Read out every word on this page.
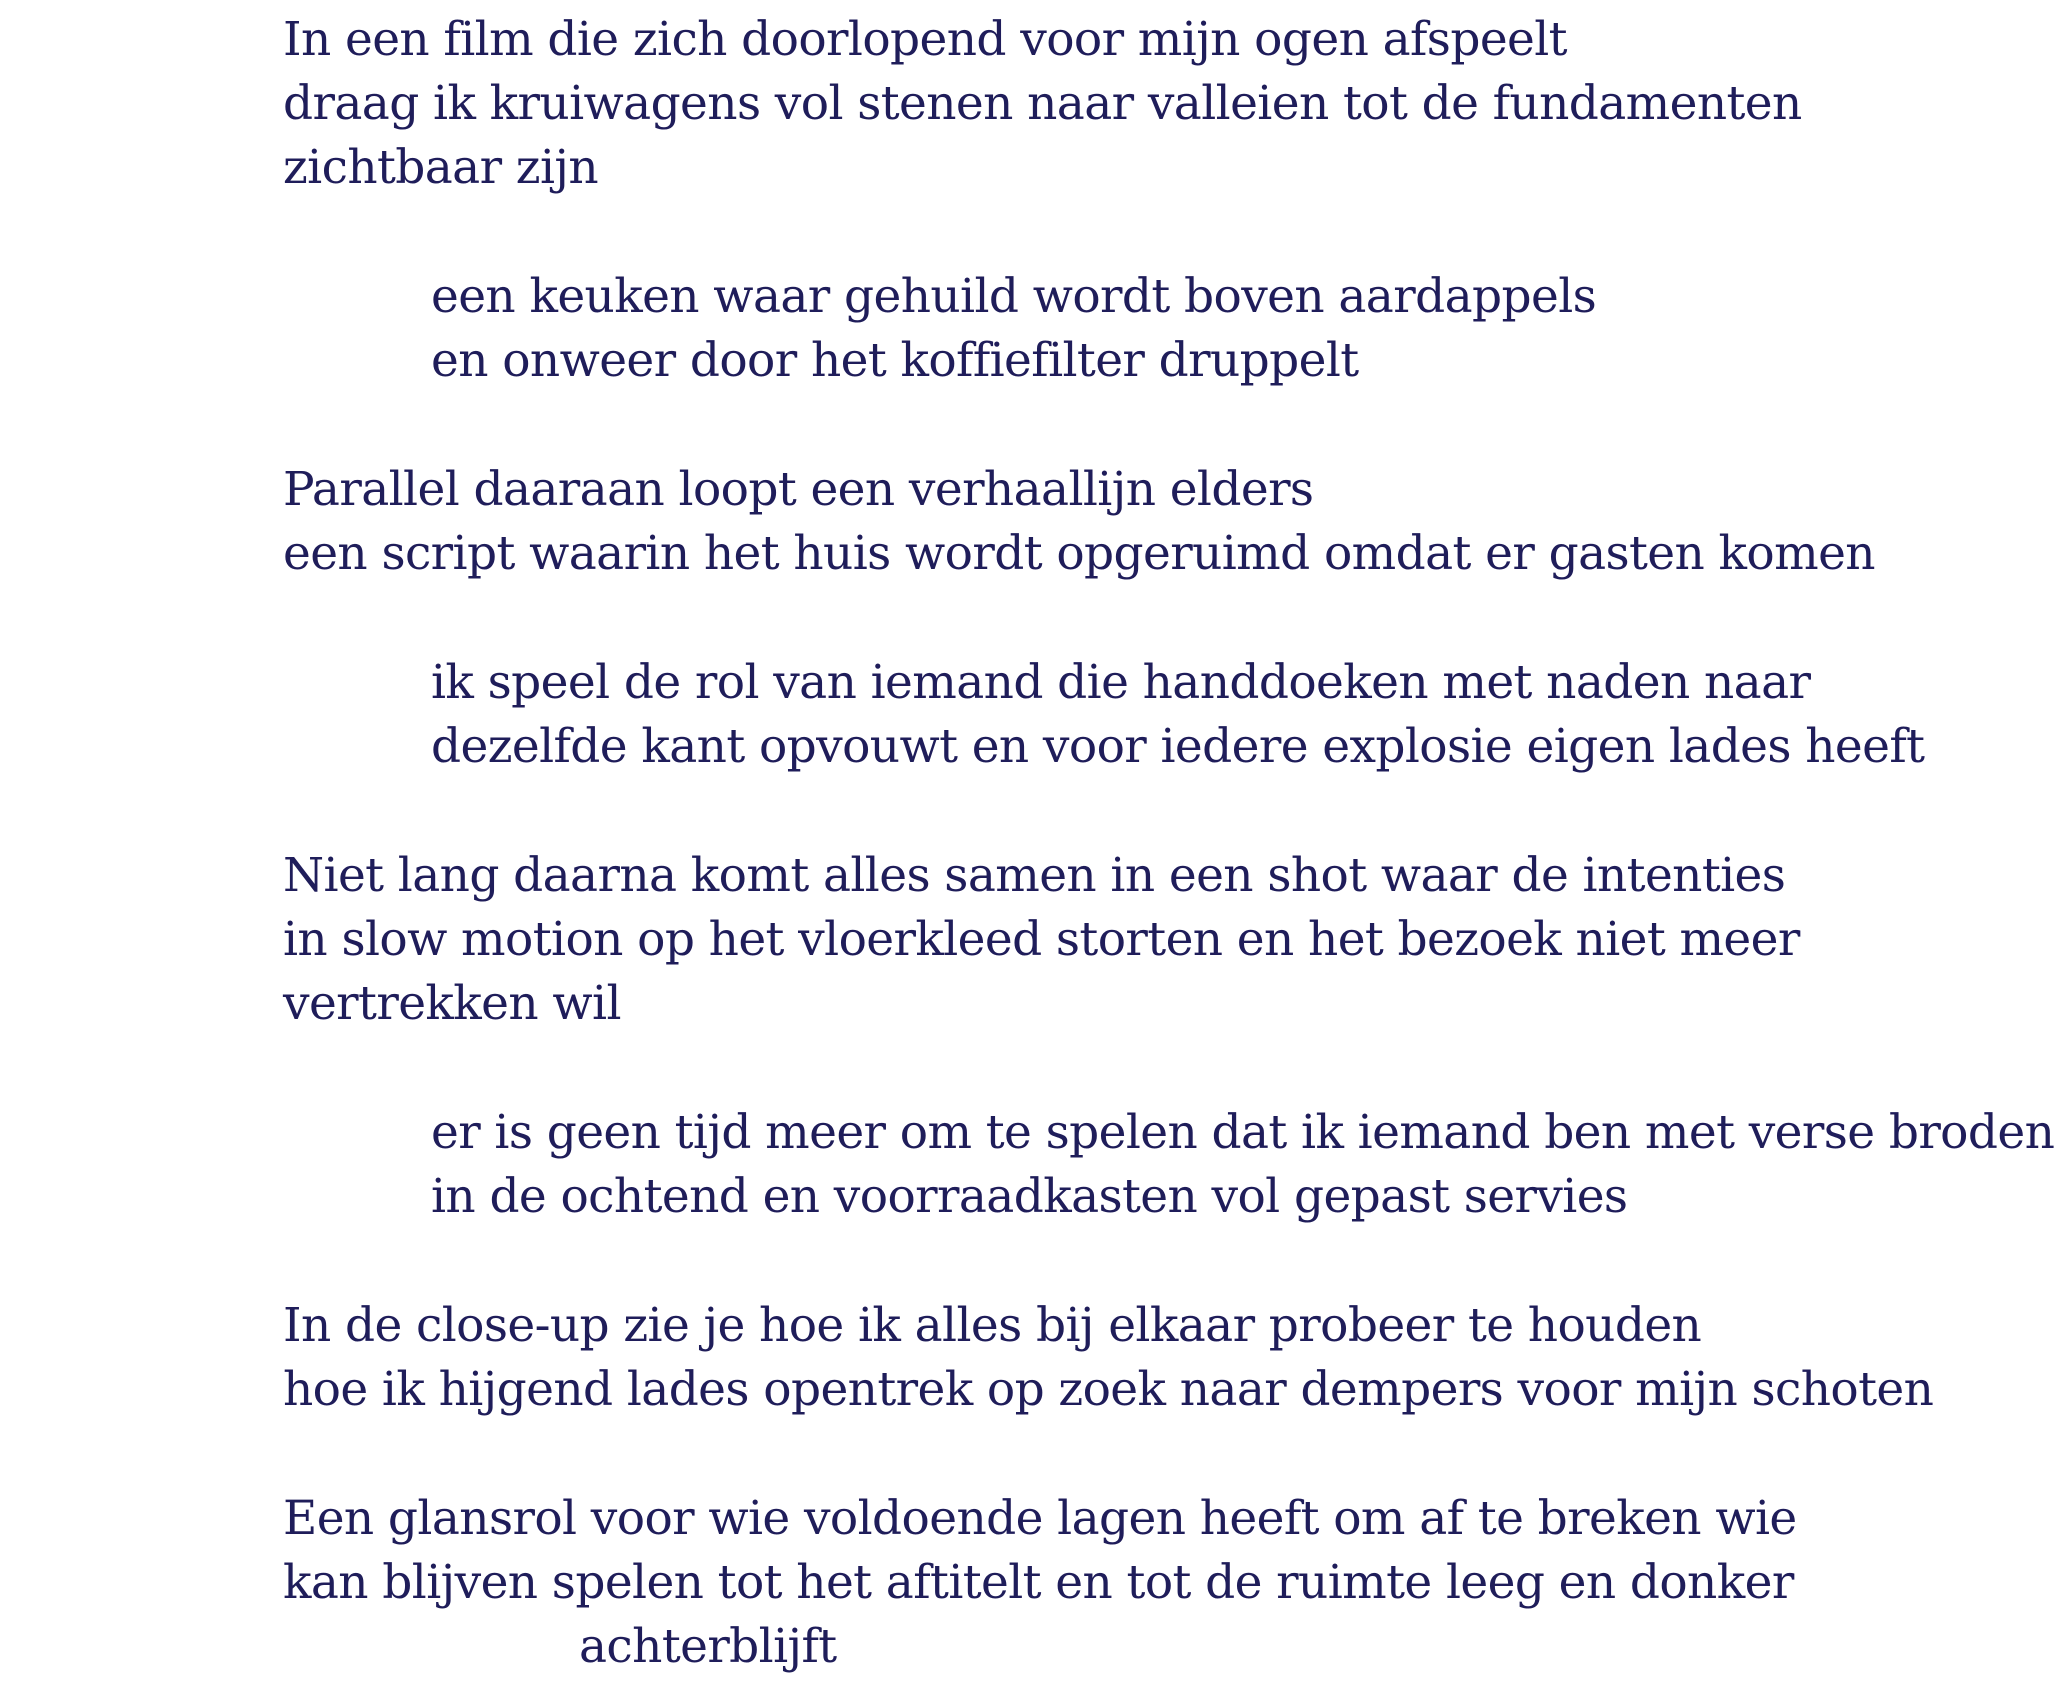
In een film die zich doorlopend voor mijn ogen afspeelt
draag ik kruiwagens vol stenen naar valleien tot de fundamenten
zichtbaar zijn
een keuken waar gehuild wordt boven aardappels
en onweer door het koffiefilter druppelt
Parallel daaraan loopt een verhaallijn elders
een script waarin het huis wordt opgeruimd omdat er gasten komen
ik speel de rol van iemand die handdoeken met naden naar
dezelfde kant opvouwt en voor iedere explosie eigen lades heeft
Niet lang daarna komt alles samen in een shot waar de intenties
in slow motion op het vloerkleed storten en het bezoek niet meer
vertrekken wil
er is geen tijd meer om te spelen dat ik iemand ben met verse broden
in de ochtend en voorraadkasten vol gepast servies
In de close-up zie je hoe ik alles bij elkaar probeer te houden
hoe ik hijgend lades opentrek op zoek naar dempers voor mijn schoten
Een glansrol voor wie voldoende lagen heeft om af te breken wie
kan blijven spelen tot het aftitelt en tot de ruimte leeg en donker
achterblijft
